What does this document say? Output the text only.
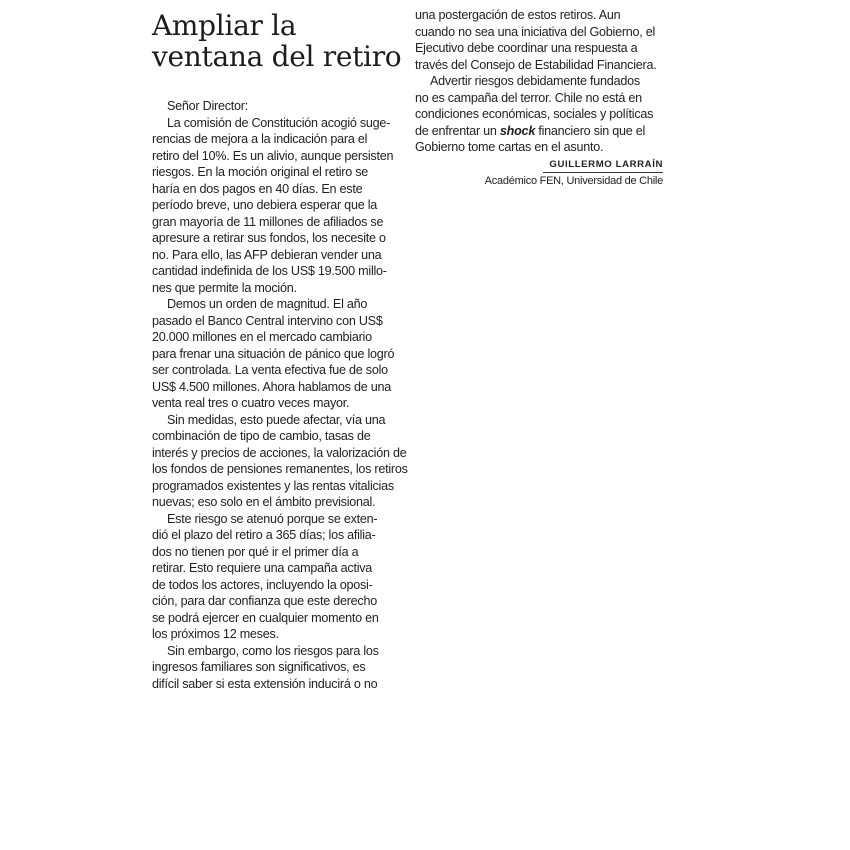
Ampliar la
ventana del retiro
Señor Director:
La comisión de Constitución acogió suge-
rencias de mejora a la indicación para el
retiro del 10%. Es un alivio, aunque persisten
riesgos. En la moción original el retiro se
haría en dos pagos en 40 días. En este
período breve, uno debiera esperar que la
gran mayoría de 11 millones de afiliados se
apresure a retirar sus fondos, los necesite o
no. Para ello, las AFP debieran vender una
cantidad indefinida de los US$ 19.500 millo-
nes que permite la moción.
Demos un orden de magnitud. El año
pasado el Banco Central intervino con US$
20.000 millones en el mercado cambiario
para frenar una situación de pánico que logró
ser controlada. La venta efectiva fue de solo
US$ 4.500 millones. Ahora hablamos de una
venta real tres o cuatro veces mayor.
Sin medidas, esto puede afectar, vía una
combinación de tipo de cambio, tasas de
interés y precios de acciones, la valorización de
los fondos de pensiones remanentes, los retiros
programados existentes y las rentas vitalicias
nuevas; eso solo en el ámbito previsional.
Este riesgo se atenuó porque se exten-
dió el plazo del retiro a 365 días; los afilia-
dos no tienen por qué ir el primer día a
retirar. Esto requiere una campaña activa
de todos los actores, incluyendo la oposi-
ción, para dar confianza que este derecho
se podrá ejercer en cualquier momento en
los próximos 12 meses.
Sin embargo, como los riesgos para los
ingresos familiares son significativos, es
difícil saber si esta extensión inducirá o no
una postergación de estos retiros. Aun
cuando no sea una iniciativa del Gobierno, el
Ejecutivo debe coordinar una respuesta a
través del Consejo de Estabilidad Financiera.
Advertir riesgos debidamente fundados
no es campaña del terror. Chile no está en
condiciones económicas, sociales y políticas
de enfrentar un shock financiero sin que el
Gobierno tome cartas en el asunto.
GUILLERMO LARRAÍN
Académico FEN, Universidad de Chile
